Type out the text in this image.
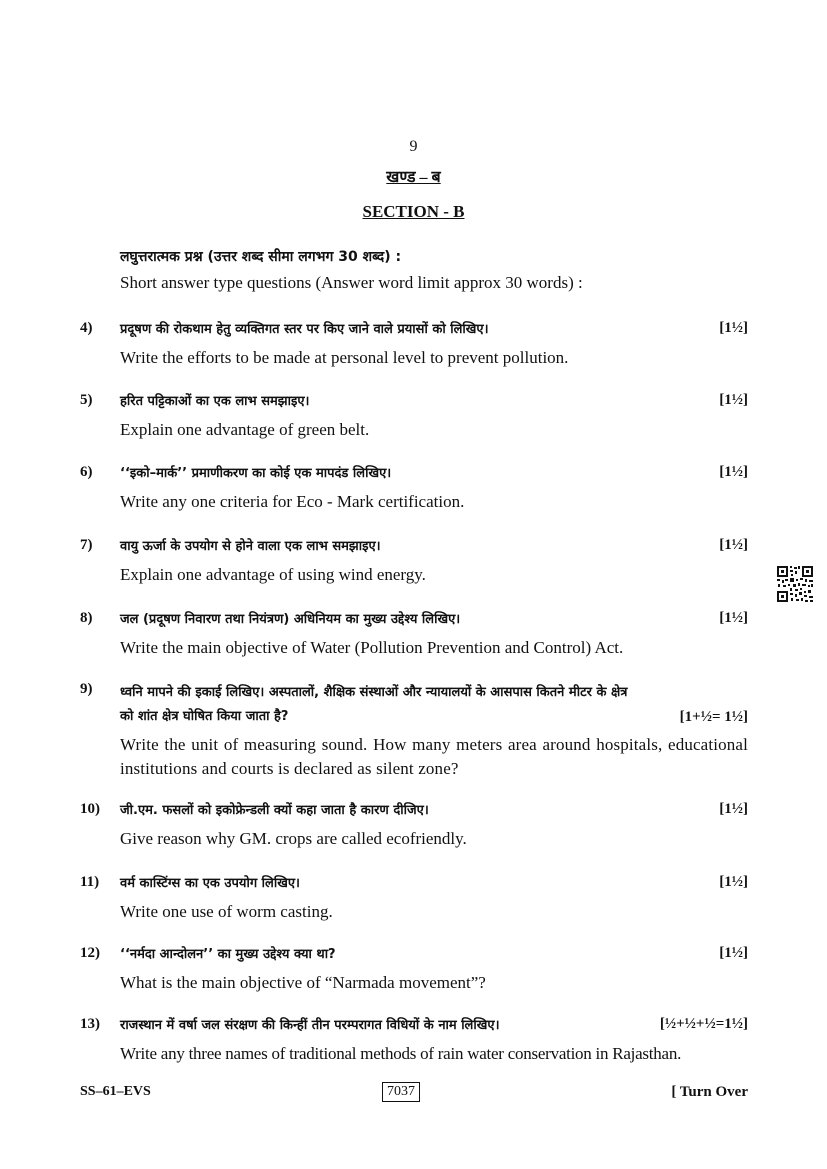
9
खण्ड – ब
SECTION - B
लघुत्तरात्मक प्रश्न (उत्तर शब्द सीमा लगभग 30 शब्द) :
Short answer type questions (Answer word limit approx 30 words) :
4) प्रदूषण की रोकथाम हेतु व्यक्तिगत स्तर पर किए जाने वाले प्रयासों को लिखिए।
Write the efforts to be made at personal level to prevent pollution.
[1½]
5) हरित पट्टिकाओं का एक लाभ समझाइए।
Explain one advantage of green belt.
[1½]
6) ‘‘इको–मार्क’’ प्रमाणीकरण का कोई एक मापदंड लिखिए।
Write any one criteria for Eco - Mark certification.
[1½]
7) वायु ऊर्जा के उपयोग से होने वाला एक लाभ समझाइए।
Explain one advantage of using wind energy.
[1½]
8) जल (प्रदूषण निवारण तथा नियंत्रण) अधिनियम का मुख्य उद्देश्य लिखिए।
Write the main objective of Water (Pollution Prevention and Control) Act.
[1½]
9) ध्वनि मापने की इकाई लिखिए। अस्पतालों, शैक्षिक संस्थाओं और न्यायालयों के आसपास कितने मीटर के क्षेत्र
को शांत क्षेत्र घोषित किया जाता है?	[1+½= 1½]
Write the unit of measuring sound. How many meters area around hospitals, educational institutions and courts is declared as silent zone?
10) जी.एम. फसलों को इकोफ्रेन्डली क्यों कहा जाता है कारण दीजिए।
Give reason why GM. crops are called ecofriendly.
[1½]
11) वर्म कास्टिंग्स का एक उपयोग लिखिए।
Write one use of worm casting.
[1½]
12) ‘‘नर्मदा आन्दोलन’’ का मुख्य उद्देश्य क्या था?
What is the main objective of “Narmada movement”?
[1½]
13) राजस्थान में वर्षा जल संरक्षण की किन्हीं तीन परम्परागत विधियों के नाम लिखिए।
Write any three names of traditional methods of rain water conservation in Rajasthan.
[½+½+½=1½]
SS–61–EVS	7037	[ Turn Over
